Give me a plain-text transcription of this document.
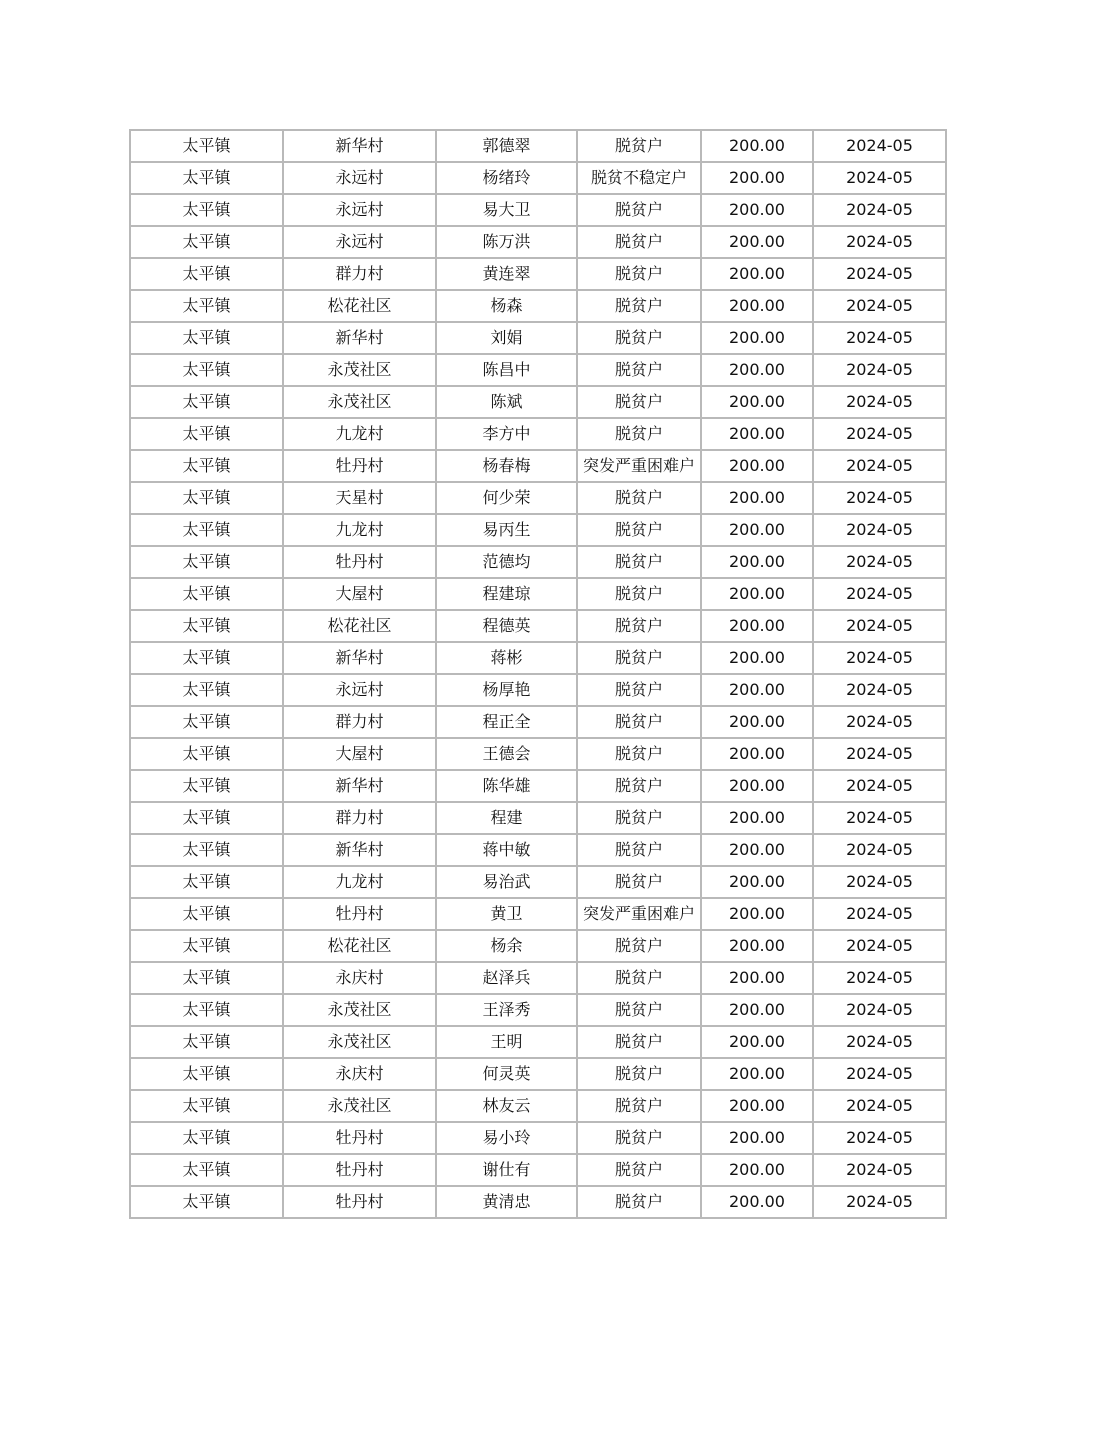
太平镇	新华村	郭德翠	脱贫户	200.00	2024-05
太平镇	永远村	杨绪玲	脱贫不稳定户	200.00	2024-05
太平镇	永远村	易大卫	脱贫户	200.00	2024-05
太平镇	永远村	陈万洪	脱贫户	200.00	2024-05
太平镇	群力村	黄连翠	脱贫户	200.00	2024-05
太平镇	松花社区	杨森	脱贫户	200.00	2024-05
太平镇	新华村	刘娟	脱贫户	200.00	2024-05
太平镇	永茂社区	陈昌中	脱贫户	200.00	2024-05
太平镇	永茂社区	陈斌	脱贫户	200.00	2024-05
太平镇	九龙村	李方中	脱贫户	200.00	2024-05
太平镇	牡丹村	杨春梅	突发严重困难户	200.00	2024-05
太平镇	天星村	何少荣	脱贫户	200.00	2024-05
太平镇	九龙村	易丙生	脱贫户	200.00	2024-05
太平镇	牡丹村	范德均	脱贫户	200.00	2024-05
太平镇	大屋村	程建琼	脱贫户	200.00	2024-05
太平镇	松花社区	程德英	脱贫户	200.00	2024-05
太平镇	新华村	蒋彬	脱贫户	200.00	2024-05
太平镇	永远村	杨厚艳	脱贫户	200.00	2024-05
太平镇	群力村	程正全	脱贫户	200.00	2024-05
太平镇	大屋村	王德会	脱贫户	200.00	2024-05
太平镇	新华村	陈华雄	脱贫户	200.00	2024-05
太平镇	群力村	程建	脱贫户	200.00	2024-05
太平镇	新华村	蒋中敏	脱贫户	200.00	2024-05
太平镇	九龙村	易治武	脱贫户	200.00	2024-05
太平镇	牡丹村	黄卫	突发严重困难户	200.00	2024-05
太平镇	松花社区	杨余	脱贫户	200.00	2024-05
太平镇	永庆村	赵泽兵	脱贫户	200.00	2024-05
太平镇	永茂社区	王泽秀	脱贫户	200.00	2024-05
太平镇	永茂社区	王明	脱贫户	200.00	2024-05
太平镇	永庆村	何灵英	脱贫户	200.00	2024-05
太平镇	永茂社区	林友云	脱贫户	200.00	2024-05
太平镇	牡丹村	易小玲	脱贫户	200.00	2024-05
太平镇	牡丹村	谢仕有	脱贫户	200.00	2024-05
太平镇	牡丹村	黄清忠	脱贫户	200.00	2024-05
